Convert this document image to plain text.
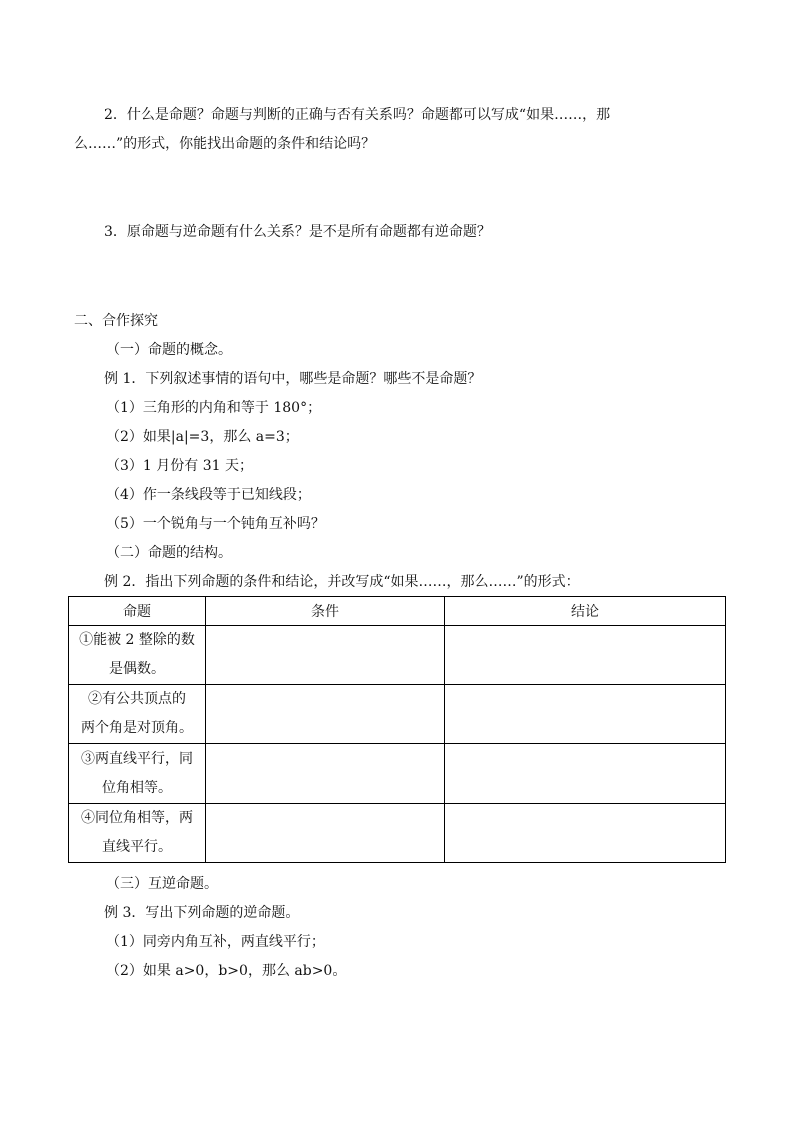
2．什么是命题？命题与判断的正确与否有关系吗？命题都可以写成“如果……，那
么……”的形式，你能找出命题的条件和结论吗？
3．原命题与逆命题有什么关系？是不是所有命题都有逆命题？
二、合作探究
（一）命题的概念。
例 1．下列叙述事情的语句中，哪些是命题？哪些不是命题？
（1）三角形的内角和等于 180°；
（2）如果|a|=3，那么 a=3；
（3）1 月份有 31 天；
（4）作一条线段等于已知线段；
（5）一个锐角与一个钝角互补吗？
（二）命题的结构。
例 2．指出下列命题的条件和结论，并改写成“如果……，那么……”的形式：
命题	条件	结论

①能被 2 整除的数
是偶数。		

②有公共顶点的
两个角是对顶角。		

③两直线平行，同
位角相等。		

④同位角相等，两
直线平行。		

（三）互逆命题。
例 3．写出下列命题的逆命题。
（1）同旁内角互补，两直线平行；
（2）如果 a>0，b>0，那么 ab>0。
